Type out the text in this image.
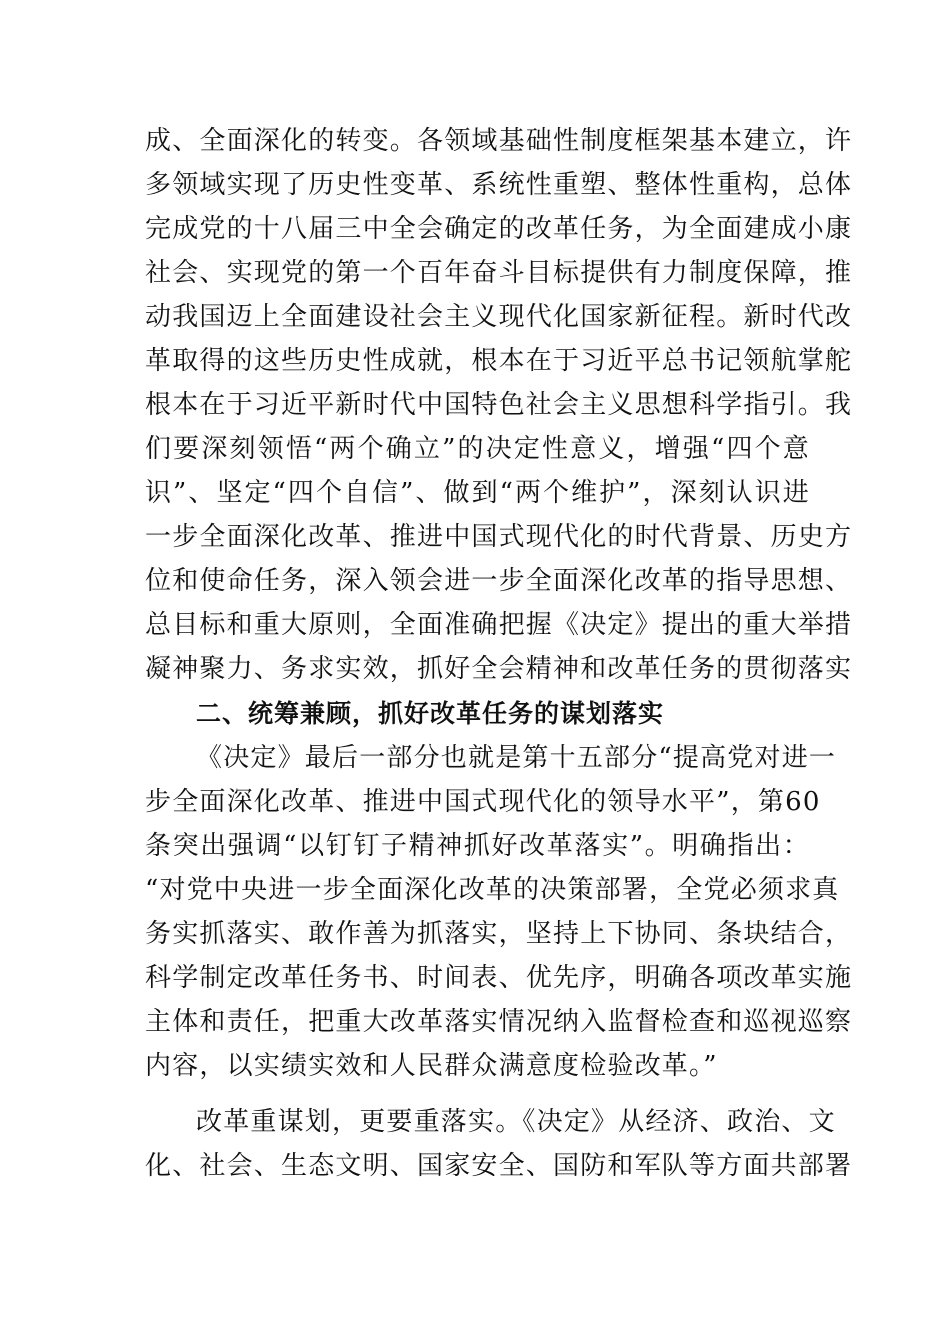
成、全面深化的转变。各领域基础性制度框架基本建立，许
多领域实现了历史性变革、系统性重塑、整体性重构，总体
完成党的十八届三中全会确定的改革任务，为全面建成小康
社会、实现党的第一个百年奋斗目标提供有力制度保障，推
动我国迈上全面建设社会主义现代化国家新征程。新时代改
革取得的这些历史性成就，根本在于习近平总书记领航掌舵
根本在于习近平新时代中国特色社会主义思想科学指引。我
们要深刻领悟“两个确立”的决定性意义，增强“四个意
识”、坚定“四个自信”、做到“两个维护”，深刻认识进
一步全面深化改革、推进中国式现代化的时代背景、历史方
位和使命任务，深入领会进一步全面深化改革的指导思想、
总目标和重大原则，全面准确把握《决定》提出的重大举措
凝神聚力、务求实效，抓好全会精神和改革任务的贯彻落实
二、统筹兼顾，抓好改革任务的谋划落实
《决定》最后一部分也就是第十五部分“提高党对进一
步全面深化改革、推进中国式现代化的领导水平”，第60
条突出强调“以钉钉子精神抓好改革落实”。明确指出：
“对党中央进一步全面深化改革的决策部署，全党必须求真
务实抓落实、敢作善为抓落实，坚持上下协同、条块结合，
科学制定改革任务书、时间表、优先序，明确各项改革实施
主体和责任，把重大改革落实情况纳入监督检查和巡视巡察
内容，以实绩实效和人民群众满意度检验改革。”
改革重谋划，更要重落实。《决定》从经济、政治、文
化、社会、生态文明、国家安全、国防和军队等方面共部署
